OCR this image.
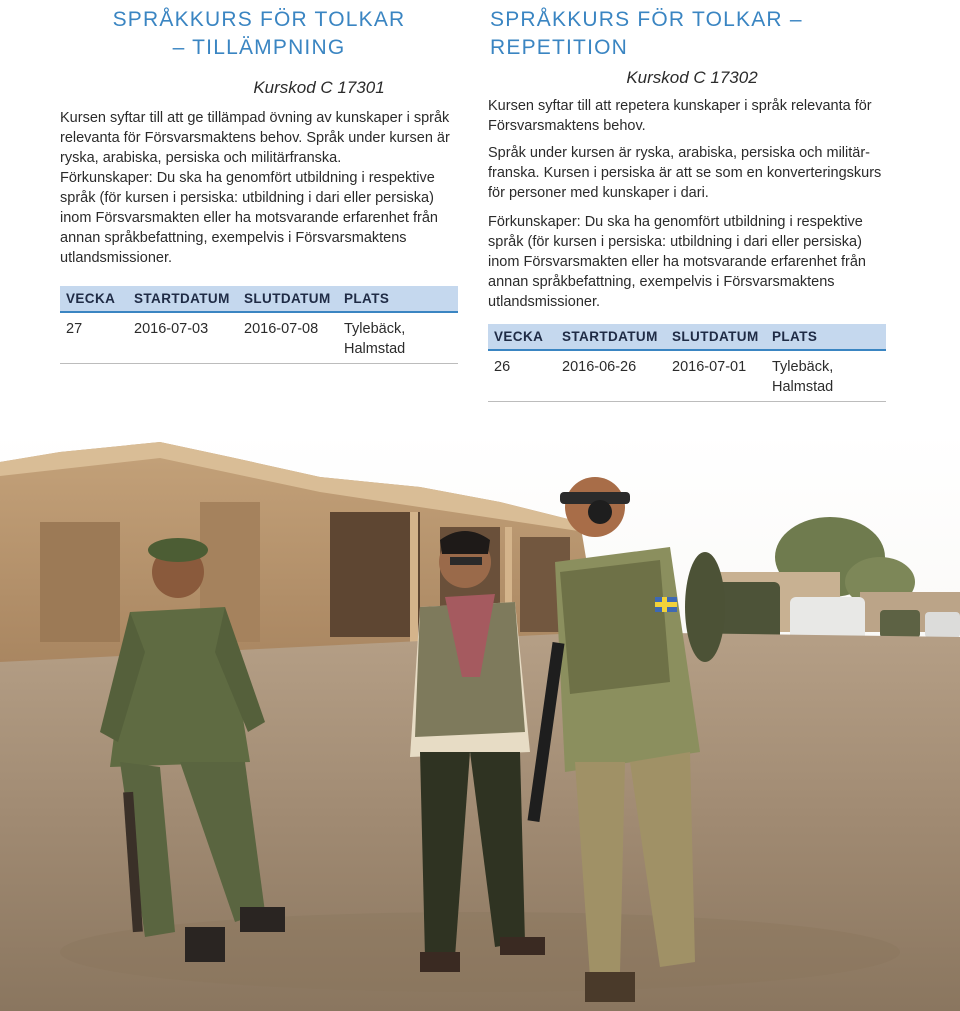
SPRÅKKURS FÖR TOLKAR
– TILLÄMPNING

Kurskod C 17301

Kursen syftar till att ge tillämpad övning av kunskaper i språk relevanta för Försvarsmaktens behov. Språk under kursen är ryska, arabiska, persiska och militärfranska.

Förkunskaper: Du ska ha genomfört utbildning i respektive språk (för kursen i persiska: utbildning i dari eller persiska) inom Försvarsmakten eller ha motsvarande erfarenhet från annan språkbefattning, exempelvis i Försvarsmaktens utlandsmissioner.

VECKA	STARTDATUM	SLUTDATUM	PLATS
27	2016-07-03	2016-07-08	Tylebäck, Halmstad
SPRÅKKURS FÖR TOLKAR – REPETITION

Kurskod C 17302

Kursen syftar till att repetera kunskaper i språk relevanta för Försvarsmaktens behov.

Språk under kursen är ryska, arabiska, persiska och militärfranska. Kursen i persiska är att se som en konverteringskurs för personer med kunskaper i dari.

Förkunskaper: Du ska ha genomfört utbildning i respektive språk (för kursen i persiska: utbildning i dari eller persiska) inom Försvarsmakten eller ha motsvarande erfarenhet från annan språkbefattning, exempelvis i Försvarsmaktens utlandsmissioner.

VECKA	STARTDATUM	SLUTDATUM	PLATS
26	2016-06-26	2016-07-01	Tylebäck, Halmstad
